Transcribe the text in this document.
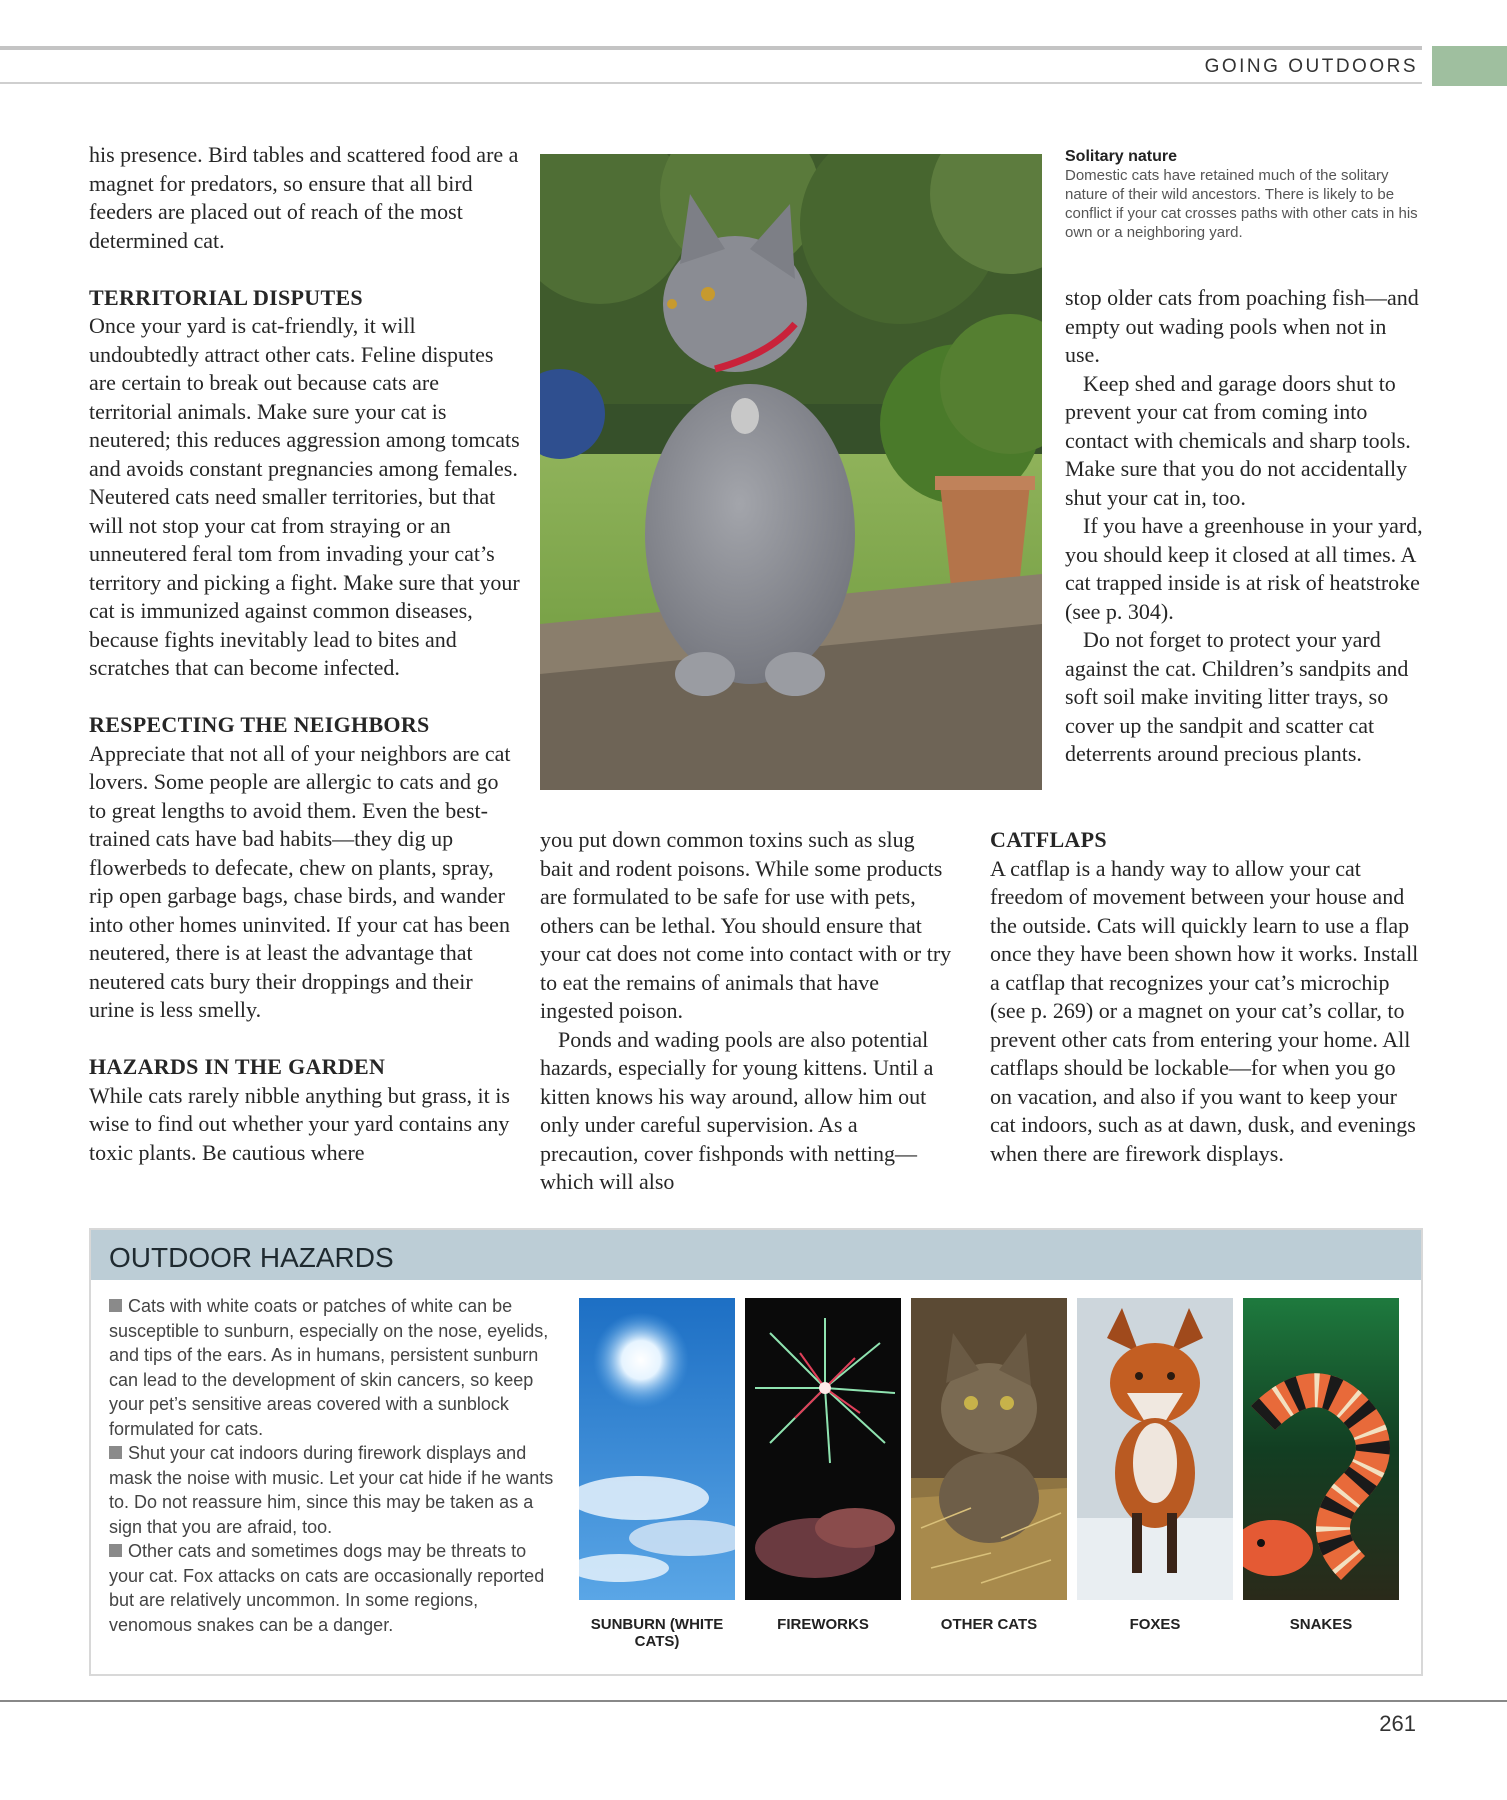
GOING OUTDOORS

his presence. Bird tables and scattered food are a magnet for predators, so ensure that all bird feeders are placed out of reach of the most determined cat.

TERRITORIAL DISPUTES

Once your yard is cat-friendly, it will undoubtedly attract other cats. Feline disputes are certain to break out because cats are territorial animals. Make sure your cat is neutered; this reduces aggression among tomcats and avoids constant pregnancies among females. Neutered cats need smaller territories, but that will not stop your cat from straying or an unneutered feral tom from invading your cat’s territory and picking a fight. Make sure that your cat is immunized against common diseases, because fights inevitably lead to bites and scratches that can become infected.

RESPECTING THE NEIGHBORS

Appreciate that not all of your neighbors are cat lovers. Some people are allergic to cats and go to great lengths to avoid them. Even the best-trained cats have bad habits—they dig up flowerbeds to defecate, chew on plants, spray, rip open garbage bags, chase birds, and wander into other homes uninvited. If your cat has been neutered, there is at least the advantage that neutered cats bury their droppings and their urine is less smelly.

HAZARDS IN THE GARDEN

While cats rarely nibble anything but grass, it is wise to find out whether your yard contains any toxic plants. Be cautious where

Solitary nature
Domestic cats have retained much of the solitary nature of their wild ancestors. There is likely to be conflict if your cat crosses paths with other cats in his own or a neighboring yard.

you put down common toxins such as slug bait and rodent poisons. While some products are formulated to be safe for use with pets, others can be lethal. You should ensure that your cat does not come into contact with or try to eat the remains of animals that have ingested poison.

Ponds and wading pools are also potential hazards, especially for young kittens. Until a kitten knows his way around, allow him out only under careful supervision. As a precaution, cover fishponds with netting—which will also

stop older cats from poaching fish—and empty out wading pools when not in use.

Keep shed and garage doors shut to prevent your cat from coming into contact with chemicals and sharp tools. Make sure that you do not accidentally shut your cat in, too.

If you have a greenhouse in your yard, you should keep it closed at all times. A cat trapped inside is at risk of heatstroke (see p. 304).

Do not forget to protect your yard against the cat. Children’s sandpits and soft soil make inviting litter trays, so cover up the sandpit and scatter cat deterrents around precious plants.

CATFLAPS

A catflap is a handy way to allow your cat freedom of movement between your house and the outside. Cats will quickly learn to use a flap once they have been shown how it works. Install a catflap that recognizes your cat’s microchip (see p. 269) or a magnet on your cat’s collar, to prevent other cats from entering your home. All catflaps should be lockable—for when you go on vacation, and also if you want to keep your cat indoors, such as at dawn, dusk, and evenings when there are firework displays.

OUTDOOR HAZARDS

Cats with white coats or patches of white can be susceptible to sunburn, especially on the nose, eyelids, and tips of the ears. As in humans, persistent sunburn can lead to the development of skin cancers, so keep your pet’s sensitive areas covered with a sunblock formulated for cats.

Shut your cat indoors during firework displays and mask the noise with music. Let your cat hide if he wants to. Do not reassure him, since this may be taken as a sign that you are afraid, too.

Other cats and sometimes dogs may be threats to your cat. Fox attacks on cats are occasionally reported but are relatively uncommon. In some regions, venomous snakes can be a danger.	SUNBURN (WHITE CATS)
FIREWORKS	OTHER CATS	FOXES	SNAKES
261
